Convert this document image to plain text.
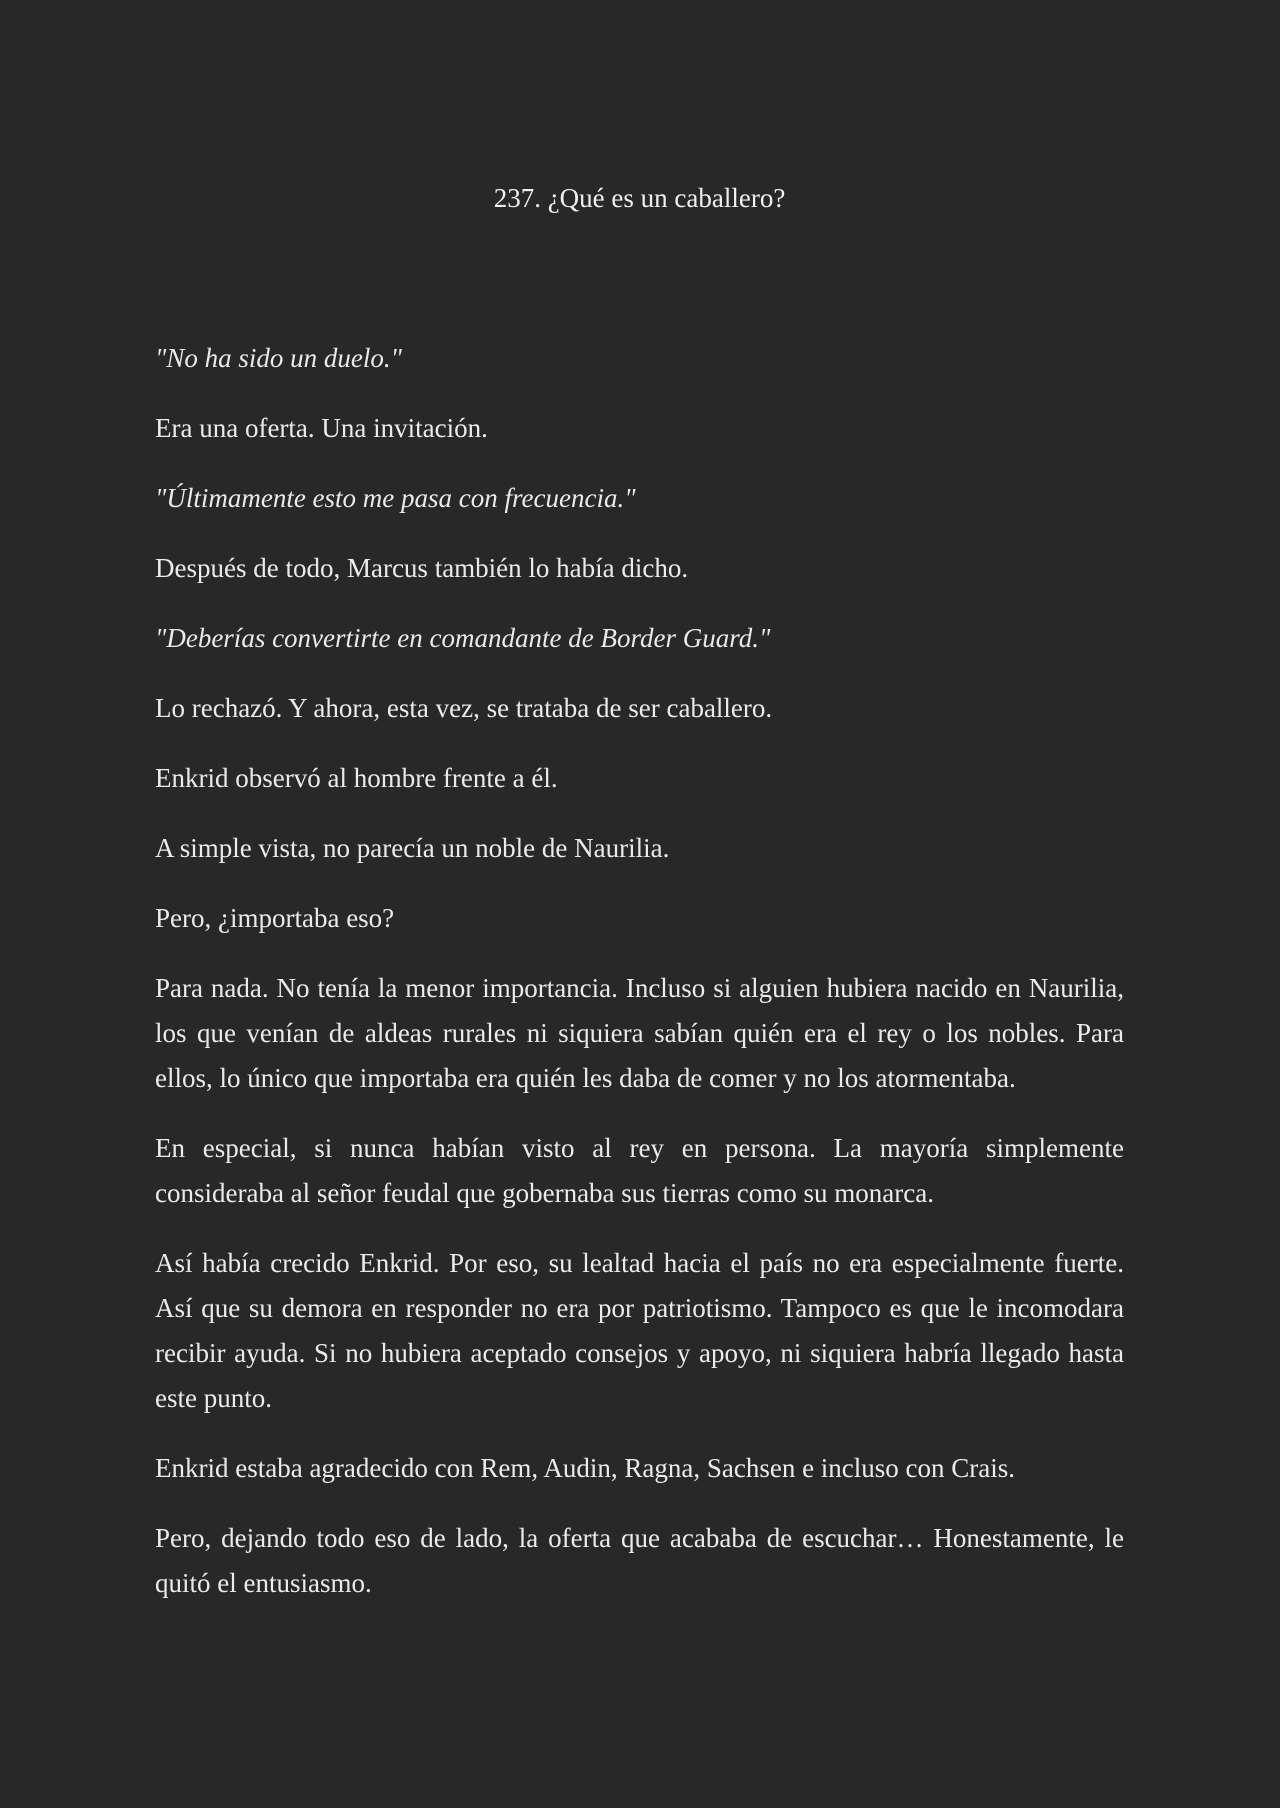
237. ¿Qué es un caballero?

"No ha sido un duelo."

Era una oferta. Una invitación.

"Últimamente esto me pasa con frecuencia."

Después de todo, Marcus también lo había dicho.

"Deberías convertirte en comandante de Border Guard."

Lo rechazó. Y ahora, esta vez, se trataba de ser caballero.

Enkrid observó al hombre frente a él.

A simple vista, no parecía un noble de Naurilia.

Pero, ¿importaba eso?

Para nada. No tenía la menor importancia. Incluso si alguien hubiera nacido en Naurilia, los que venían de aldeas rurales ni siquiera sabían quién era el rey o los nobles. Para ellos, lo único que importaba era quién les daba de comer y no los atormentaba.

En especial, si nunca habían visto al rey en persona. La mayoría simplemente consideraba al señor feudal que gobernaba sus tierras como su monarca.

Así había crecido Enkrid. Por eso, su lealtad hacia el país no era especialmente fuerte. Así que su demora en responder no era por patriotismo. Tampoco es que le incomodara recibir ayuda. Si no hubiera aceptado consejos y apoyo, ni siquiera habría llegado hasta este punto.

Enkrid estaba agradecido con Rem, Audin, Ragna, Sachsen e incluso con Crais.

Pero, dejando todo eso de lado, la oferta que acababa de escuchar… Honestamente, le quitó el entusiasmo.
